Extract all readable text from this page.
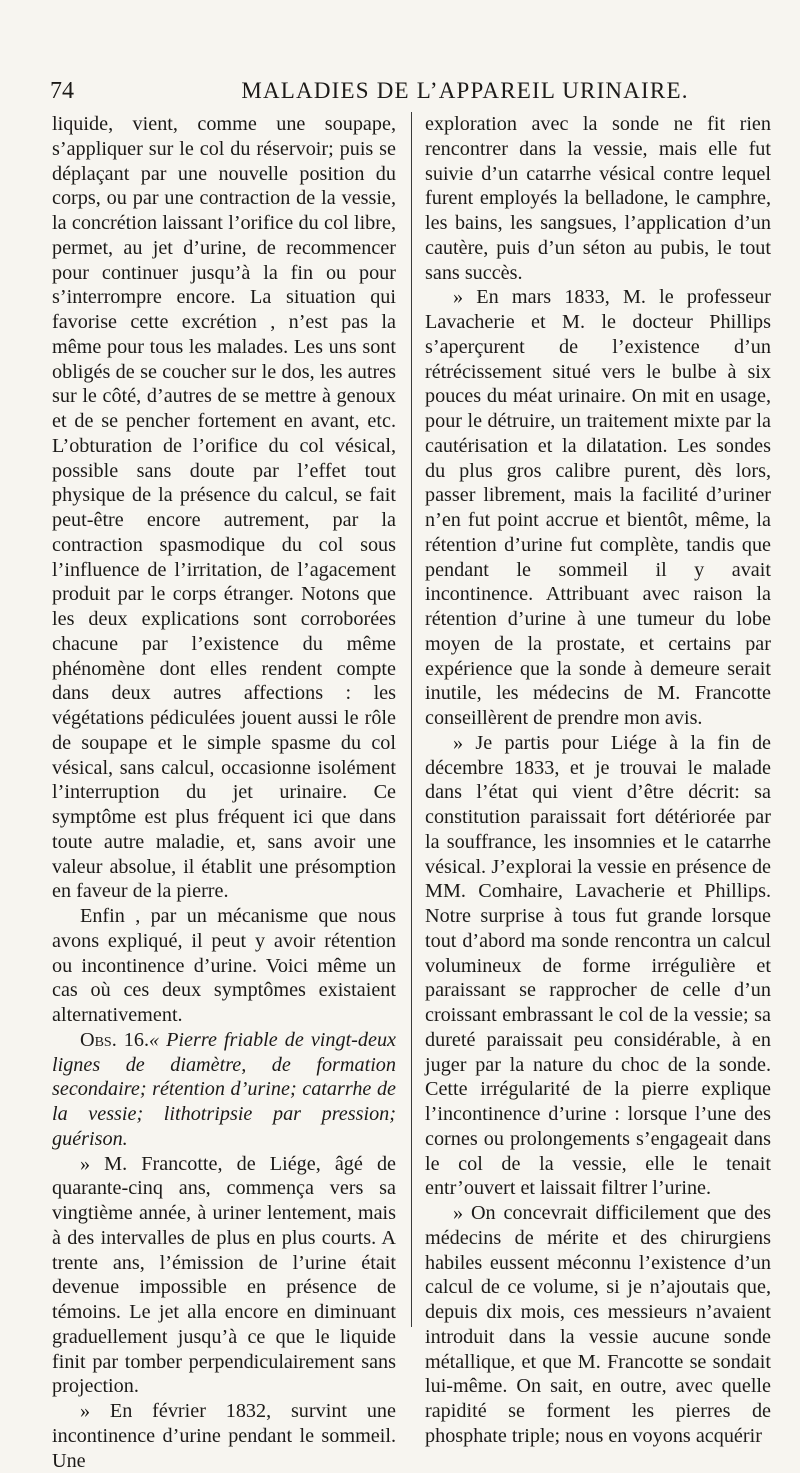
74	MALADIES DE L’APPAREIL URINAIRE.

liquide, vient, comme une soupape, s’appliquer sur le col du réservoir; puis se déplaçant par une nouvelle position du corps, ou par une contraction de la vessie, la concrétion laissant l’orifice du col libre, permet, au jet d’urine, de recommencer pour continuer jusqu’à la fin ou pour s’interrompre encore. La situation qui favorise cette excrétion , n’est pas la même pour tous les malades. Les uns sont obligés de se coucher sur le dos, les autres sur le côté, d’autres de se mettre à genoux et de se pencher fortement en avant, etc. L’obturation de l’orifice du col vésical, possible sans doute par l’effet tout physique de la présence du calcul, se fait peut-être encore autrement, par la contraction spasmodique du col sous l’influence de l’irritation, de l’agacement produit par le corps étranger. Notons que les deux explications sont corroborées chacune par l’existence du même phénomène dont elles rendent compte dans deux autres affections : les végétations pédiculées jouent aussi le rôle de soupape et le simple spasme du col vésical, sans calcul, occasionne isolément l’interruption du jet urinaire. Ce symptôme est plus fréquent ici que dans toute autre maladie, et, sans avoir une valeur absolue, il établit une présomption en faveur de la pierre.

Enfin , par un mécanisme que nous avons expliqué, il peut y avoir rétention ou incontinence d’urine. Voici même un cas où ces deux symptômes existaient alternativement.

Obs. 16.« Pierre friable de vingt-deux lignes de diamètre, de formation secondaire; rétention d’urine; catarrhe de la vessie; lithotripsie par pression; guérison.

» M. Francotte, de Liége, âgé de quarante-cinq ans, commença vers sa vingtième année, à uriner lentement, mais à des intervalles de plus en plus courts. A trente ans, l’émission de l’urine était devenue impossible en présence de témoins. Le jet alla encore en diminuant graduellement jusqu’à ce que le liquide finit par tomber perpendiculairement sans projection.

» En février 1832, survint une incontinence d’urine pendant le sommeil. Une

exploration avec la sonde ne fit rien rencontrer dans la vessie, mais elle fut suivie d’un catarrhe vésical contre lequel furent employés la belladone, le camphre, les bains, les sangsues, l’application d’un cautère, puis d’un séton au pubis, le tout sans succès.

» En mars 1833, M. le professeur Lavacherie et M. le docteur Phillips s’aperçurent de l’existence d’un rétrécissement situé vers le bulbe à six pouces du méat urinaire. On mit en usage, pour le détruire, un traitement mixte par la cautérisation et la dilatation. Les sondes du plus gros calibre purent, dès lors, passer librement, mais la facilité d’uriner n’en fut point accrue et bientôt, même, la rétention d’urine fut complète, tandis que pendant le sommeil il y avait incontinence. Attribuant avec raison la rétention d’urine à une tumeur du lobe moyen de la prostate, et certains par expérience que la sonde à demeure serait inutile, les médecins de M. Francotte conseillèrent de prendre mon avis.

» Je partis pour Liége à la fin de décembre 1833, et je trouvai le malade dans l’état qui vient d’être décrit: sa constitution paraissait fort détériorée par la souffrance, les insomnies et le catarrhe vésical. J’explorai la vessie en présence de MM. Comhaire, Lavacherie et Phillips. Notre surprise à tous fut grande lorsque tout d’abord ma sonde rencontra un calcul volumineux de forme irrégulière et paraissant se rapprocher de celle d’un croissant embrassant le col de la vessie; sa dureté paraissait peu considérable, à en juger par la nature du choc de la sonde. Cette irrégularité de la pierre explique l’incontinence d’urine : lorsque l’une des cornes ou prolongements s’engageait dans le col de la vessie, elle le tenait entr’ouvert et laissait filtrer l’urine.

» On concevrait difficilement que des médecins de mérite et des chirurgiens habiles eussent méconnu l’existence d’un calcul de ce volume, si je n’ajoutais que, depuis dix mois, ces messieurs n’avaient introduit dans la vessie aucune sonde métallique, et que M. Francotte se sondait lui-même. On sait, en outre, avec quelle rapidité se forment les pierres de phosphate triple; nous en voyons acquérir
